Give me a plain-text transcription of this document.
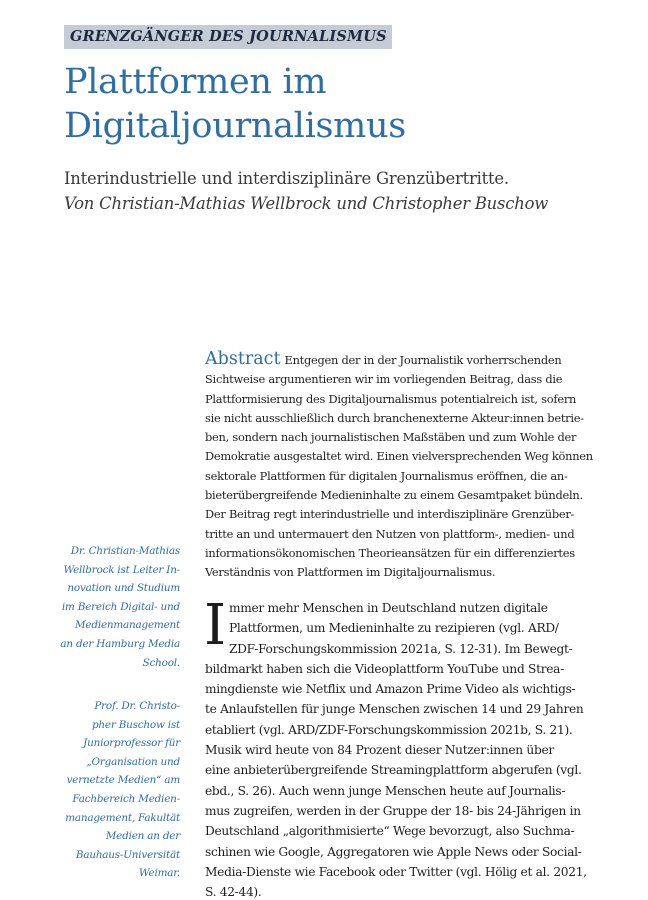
GRENZGÄNGER DES JOURNALISMUS
Plattformen im
Digitaljournalismus
Interindustrielle und interdisziplinäre Grenzübertritte.
Von Christian-Mathias Wellbrock und Christopher Buschow
Abstract Entgegen der in der Journalistik vorherrschenden
Sichtweise argumentieren wir im vorliegenden Beitrag, dass die
Plattformisierung des Digitaljournalismus potentialreich ist, sofern
sie nicht ausschließlich durch branchenexterne Akteur:innen betrie-
ben, sondern nach journalistischen Maßstäben und zum Wohle der
Demokratie ausgestaltet wird. Einen vielversprechenden Weg können
sektorale Plattformen für digitalen Journalismus eröffnen, die an-
bieterübergreifende Medieninhalte zu einem Gesamtpaket bündeln.
Der Beitrag regt interindustrielle und interdisziplinäre Grenzüber-
tritte an und untermauert den Nutzen von plattform-, medien- und
informationsökonomischen Theorieansätzen für ein differenziertes
Verständnis von Plattformen im Digitaljournalismus.
Dr. Christian-Mathias
Wellbrock ist Leiter In-
novation und Studium
im Bereich Digital- und
Medienmanagement
an der Hamburg Media
School.
Prof. Dr. Christo-
pher Buschow ist
Juniorprofessor für
„Organisation und
vernetzte Medien“ am
Fachbereich Medien-
management, Fakultät
Medien an der
Bauhaus-Universität
Weimar.
I mmer mehr Menschen in Deutschland nutzen digitale
Plattformen, um Medieninhalte zu rezipieren (vgl. ARD/
ZDF-Forschungskommission 2021a, S. 12-31). Im Bewegt-
bildmarkt haben sich die Videoplattform YouTube und Strea-
mingdienste wie Netflix und Amazon Prime Video als wichtigs-
te Anlaufstellen für junge Menschen zwischen 14 und 29 Jahren
etabliert (vgl. ARD/ZDF-Forschungskommission 2021b, S. 21).
Musik wird heute von 84 Prozent dieser Nutzer:innen über
eine anbieterübergreifende Streamingplattform abgerufen (vgl.
ebd., S. 26). Auch wenn junge Menschen heute auf Journalis-
mus zugreifen, werden in der Gruppe der 18- bis 24-Jährigen in
Deutschland „algorithmisierte“ Wege bevorzugt, also Suchma-
schinen wie Google, Aggregatoren wie Apple News oder Social-
Media-Dienste wie Facebook oder Twitter (vgl. Hölig et al. 2021,
S. 42-44).
